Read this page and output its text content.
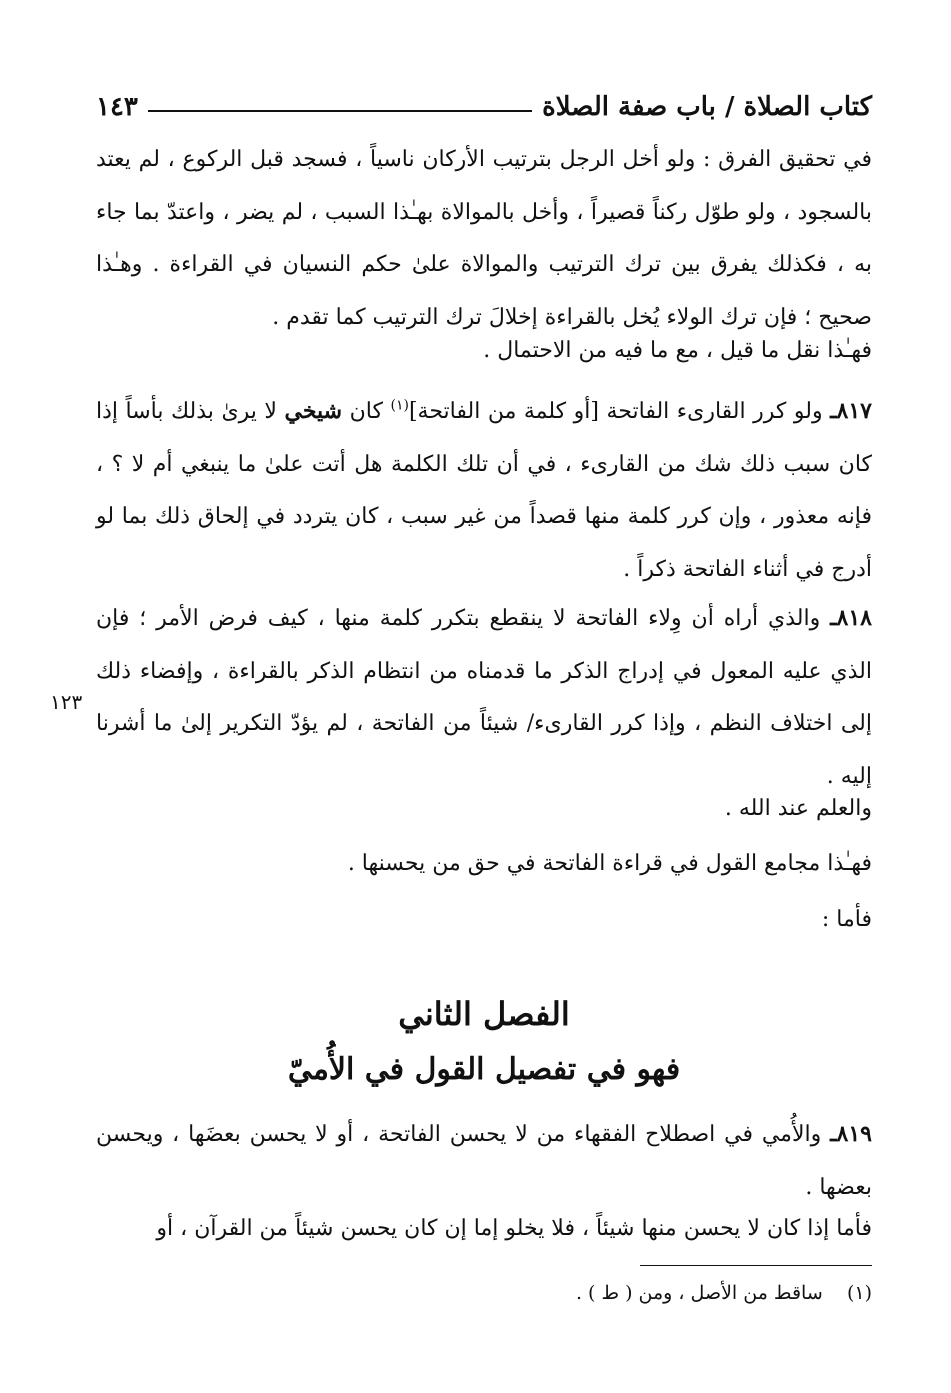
كتاب الصلاة / باب صفة الصلاة
١٤٣

في تحقيق الفرق : ولو أخل الرجل بترتيب الأركان ناسياً ، فسجد قبل الركوع ، لم يعتد بالسجود ، ولو طوّل ركناً قصيراً ، وأخل بالموالاة بهـٰذا السبب ، لم يضر ، واعتدّ بما جاء به ، فكذلك يفرق بين ترك الترتيب والموالاة علىٰ حكم النسيان في القراءة . وهـٰذا صحيح ؛ فإن ترك الولاء يُخل بالقراءة إخلالَ ترك الترتيب كما تقدم .

فهـٰذا نقل ما قيل ، مع ما فيه من الاحتمال .

٨١٧ـ ولو كرر القارىء الفاتحة [أو كلمة من الفاتحة]$^{(١)}$ كان شيخي لا يرىٰ بذلك بأساً إذا كان سبب ذلك شك من القارىء ، في أن تلك الكلمة هل أتت علىٰ ما ينبغي أم لا ؟ ، فإنه معذور ، وإن كرر كلمة منها قصداً من غير سبب ، كان يتردد في إلحاق ذلك بما لو أدرج في أثناء الفاتحة ذكراً .

٨١٨ـ والذي أراه أن وِلاء الفاتحة لا ينقطع بتكرر كلمة منها ، كيف فرض الأمر ؛ فإن الذي عليه المعول في إدراج الذكر ما قدمناه من انتظام الذكر بالقراءة ، وإفضاء ذلك إلى اختلاف النظم ، وإذا كرر القارىء/ شيئاً من الفاتحة ، لم يؤدّ التكرير إلىٰ ما أشرنا إليه .

١٢٣

والعلم عند الله .

فهـٰذا مجامع القول في قراءة الفاتحة في حق من يحسنها .

فأما :

الفصل الثاني
فهو في تفصيل القول في الأُميّ

٨١٩ـ والأُمي في اصطلاح الفقهاء من لا يحسن الفاتحة ، أو لا يحسن بعضَها ، ويحسن بعضها .

فأما إذا كان لا يحسن منها شيئاً ، فلا يخلو إما إن كان يحسن شيئاً من القرآن ، أو

(١)    ساقط من الأصل ، ومن ( ط ) .
